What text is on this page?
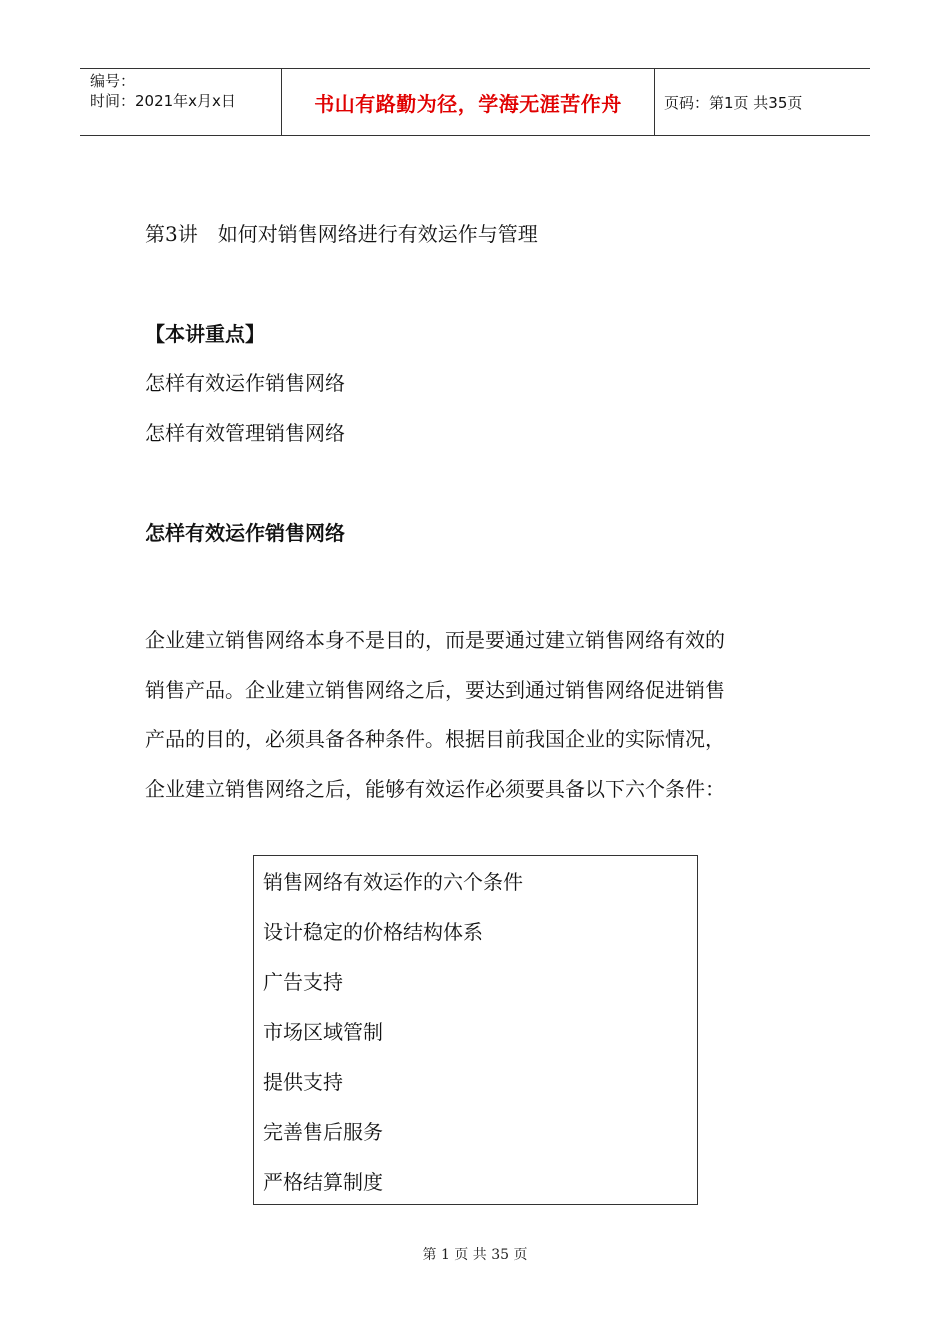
编号：
时间：2021年x月x日	书山有路勤为径，学海无涯苦作舟	页码：第1页 共35页
第3讲　如何对销售网络进行有效运作与管理
【本讲重点】
怎样有效运作销售网络
怎样有效管理销售网络
怎样有效运作销售网络
企业建立销售网络本身不是目的，而是要通过建立销售网络有效的
销售产品。企业建立销售网络之后，要达到通过销售网络促进销售
产品的目的，必须具备各种条件。根据目前我国企业的实际情况，
企业建立销售网络之后，能够有效运作必须要具备以下六个条件：
销售网络有效运作的六个条件
设计稳定的价格结构体系
广告支持
市场区域管制
提供支持
完善售后服务
严格结算制度
第 1 页 共 35 页
